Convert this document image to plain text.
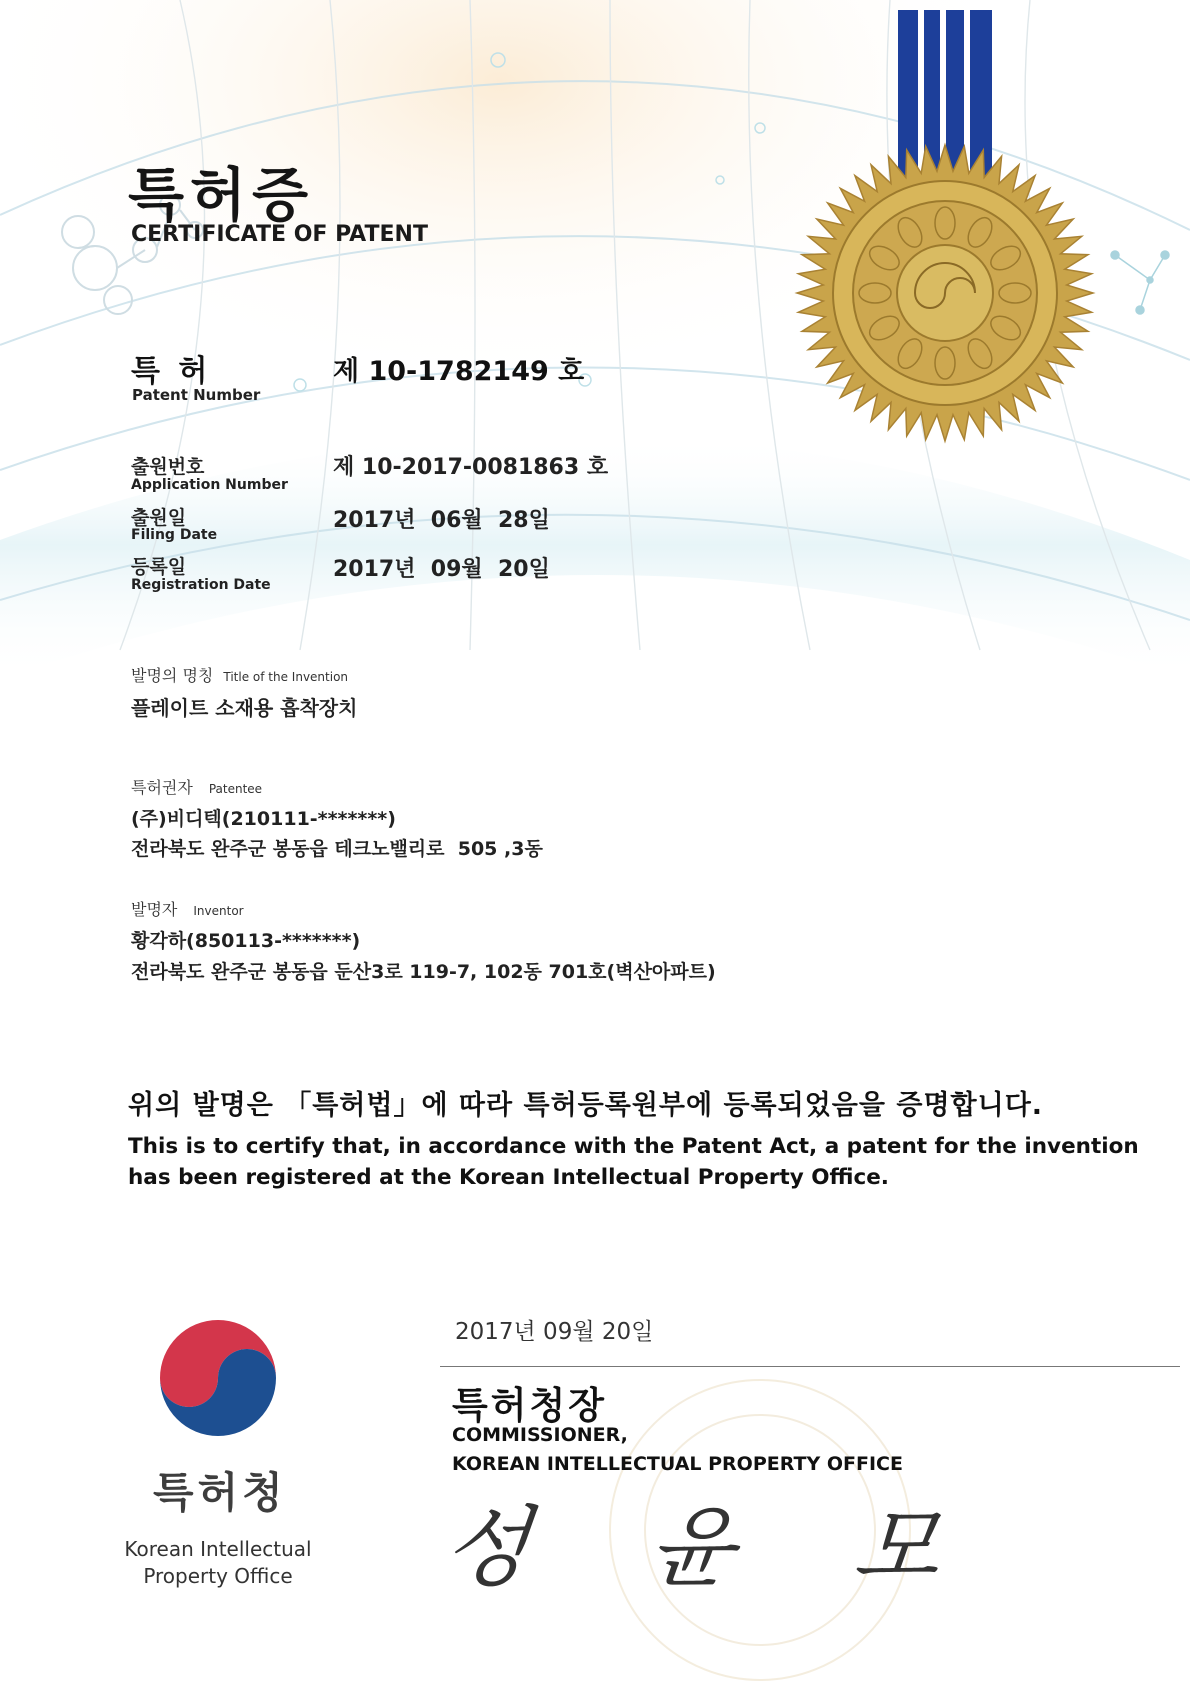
특허증
CERTIFICATE OF PATENT
특 허
Patent Number
제 10-1782149 호
출원번호
Application Number
제 10-2017-0081863 호
출원일
Filing Date
2017년  06월  28일
등록일
Registration Date
2017년  09월  20일
발명의 명칭 Title of the Invention
플레이트 소재용 흡착장치
특허권자 Patentee
(주)비디텍(210111-*******)
전라북도 완주군 봉동읍 테크노밸리로  505 ,3동
발명자 Inventor
황각하(850113-*******)
전라북도 완주군 봉동읍 둔산3로 119-7, 102동 701호(벽산아파트)
위의 발명은 「특허법」에 따라 특허등록원부에 등록되었음을 증명합니다.
This is to certify that, in accordance with the Patent Act, a patent for the invention
has been registered at the Korean Intellectual Property Office.
2017년 09월 20일
특허청장
COMMISSIONER,
KOREAN INTELLECTUAL PROPERTY OFFICE
성 윤 모
특허청
Korean Intellectual
Property Office
